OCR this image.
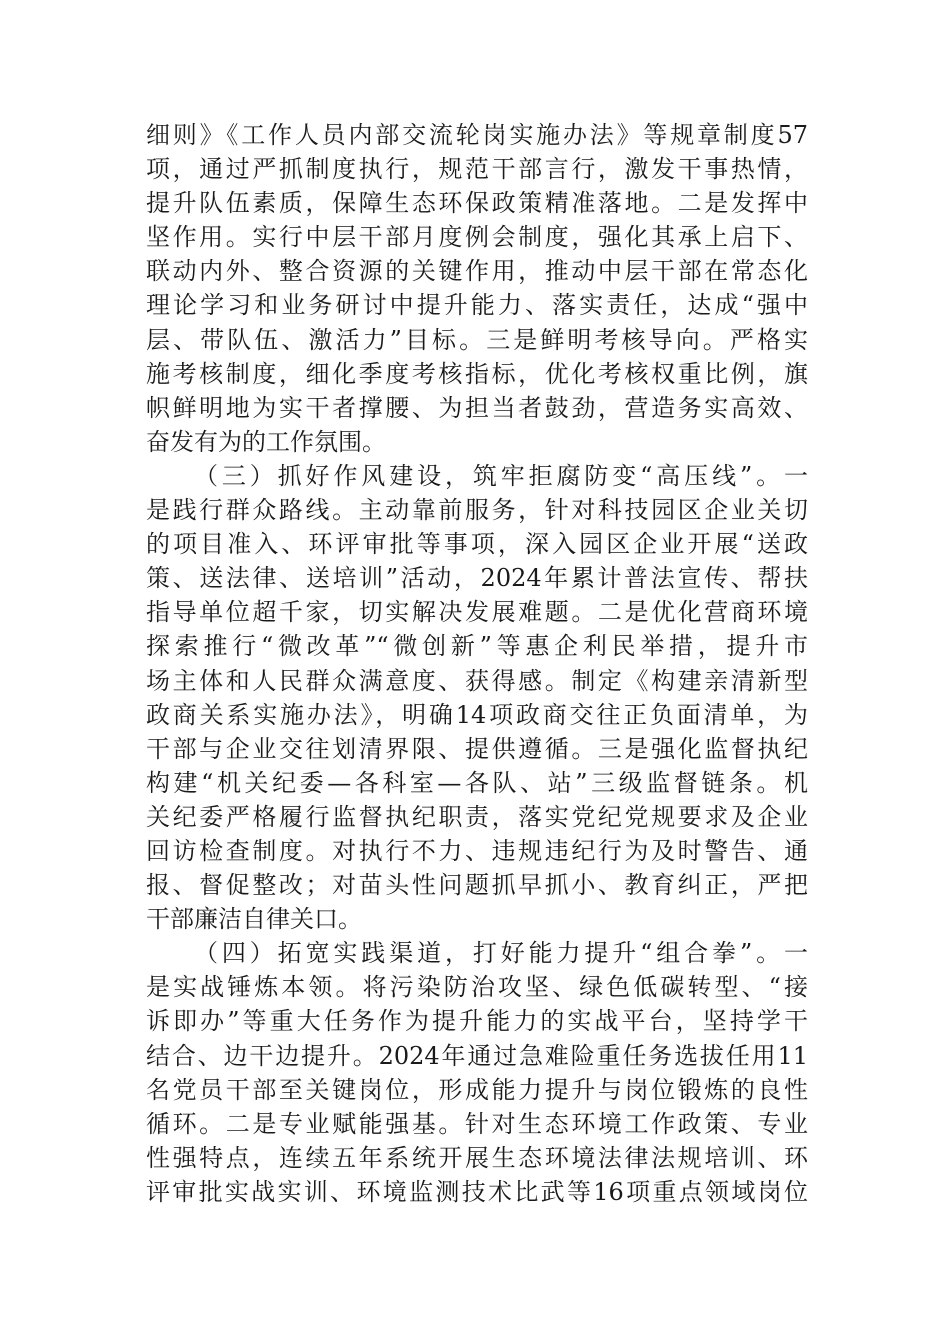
细则》《工作人员内部交流轮岗实施办法》等规章制度57
项，通过严抓制度执行，规范干部言行，激发干事热情，
提升队伍素质，保障生态环保政策精准落地。二是发挥中
坚作用。实行中层干部月度例会制度，强化其承上启下、
联动内外、整合资源的关键作用，推动中层干部在常态化
理论学习和业务研讨中提升能力、落实责任，达成“强中
层、带队伍、激活力”目标。三是鲜明考核导向。严格实
施考核制度，细化季度考核指标，优化考核权重比例，旗
帜鲜明地为实干者撑腰、为担当者鼓劲，营造务实高效、
奋发有为的工作氛围。
（三）抓好作风建设，筑牢拒腐防变“高压线”。一
是践行群众路线。主动靠前服务，针对科技园区企业关切
的项目准入、环评审批等事项，深入园区企业开展“送政
策、送法律、送培训”活动，2024年累计普法宣传、帮扶
指导单位超千家，切实解决发展难题。二是优化营商环境
探索推行“微改革”“微创新”等惠企利民举措，提升市
场主体和人民群众满意度、获得感。制定《构建亲清新型
政商关系实施办法》，明确14项政商交往正负面清单，为
干部与企业交往划清界限、提供遵循。三是强化监督执纪
构建“机关纪委—各科室—各队、站”三级监督链条。机
关纪委严格履行监督执纪职责，落实党纪党规要求及企业
回访检查制度。对执行不力、违规违纪行为及时警告、通
报、督促整改；对苗头性问题抓早抓小、教育纠正，严把
干部廉洁自律关口。
（四）拓宽实践渠道，打好能力提升“组合拳”。一
是实战锤炼本领。将污染防治攻坚、绿色低碳转型、“接
诉即办”等重大任务作为提升能力的实战平台，坚持学干
结合、边干边提升。2024年通过急难险重任务选拔任用11
名党员干部至关键岗位，形成能力提升与岗位锻炼的良性
循环。二是专业赋能强基。针对生态环境工作政策、专业
性强特点，连续五年系统开展生态环境法律法规培训、环
评审批实战实训、环境监测技术比武等16项重点领域岗位
